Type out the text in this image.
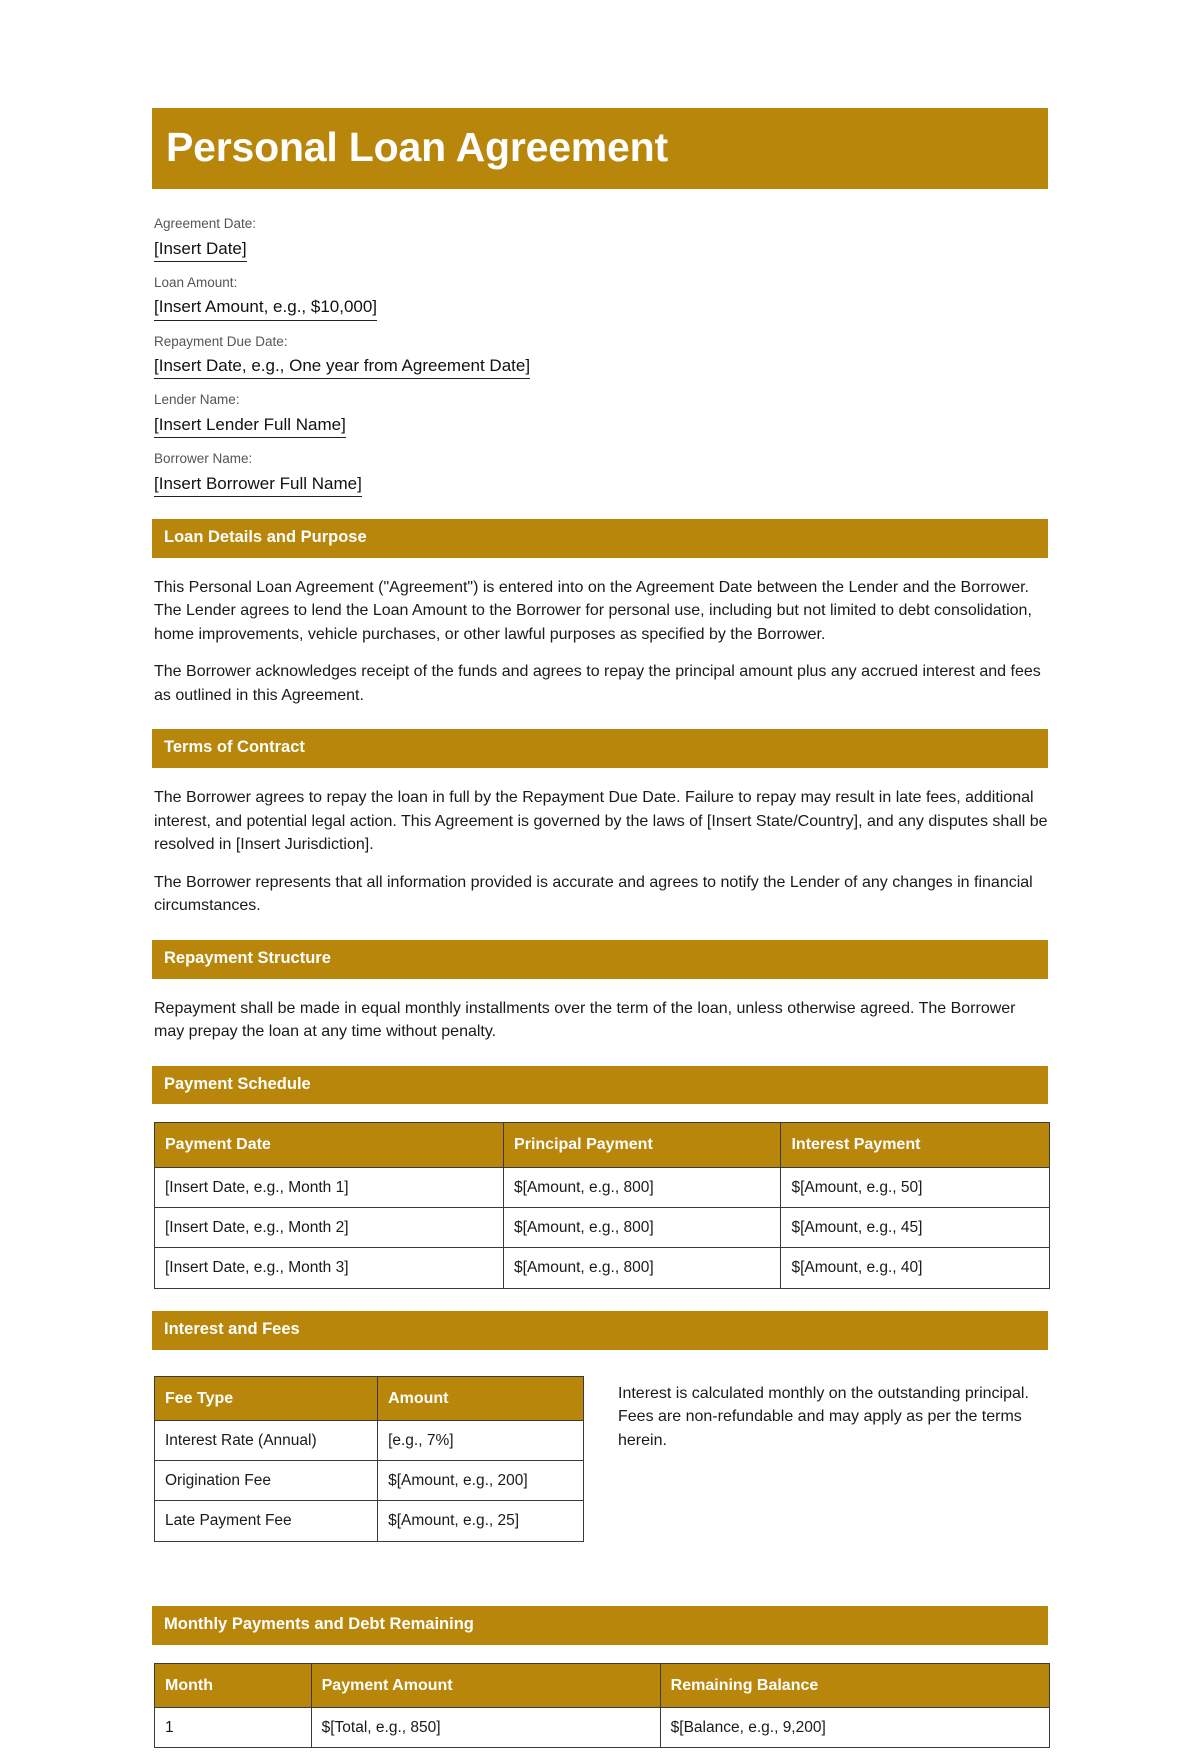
Personal Loan Agreement
Agreement Date:
[Insert Date]
Loan Amount:
[Insert Amount, e.g., $10,000]
Repayment Due Date:
[Insert Date, e.g., One year from Agreement Date]
Lender Name:
[Insert Lender Full Name]
Borrower Name:
[Insert Borrower Full Name]
Loan Details and Purpose

This Personal Loan Agreement ("Agreement") is entered into on the Agreement Date between the Lender and the Borrower. The Lender agrees to lend the Loan Amount to the Borrower for personal use, including but not limited to debt consolidation, home improvements, vehicle purchases, or other lawful purposes as specified by the Borrower.

The Borrower acknowledges receipt of the funds and agrees to repay the principal amount plus any accrued interest and fees as outlined in this Agreement.

Terms of Contract

The Borrower agrees to repay the loan in full by the Repayment Due Date. Failure to repay may result in late fees, additional interest, and potential legal action. This Agreement is governed by the laws of [Insert State/Country], and any disputes shall be resolved in [Insert Jurisdiction].

The Borrower represents that all information provided is accurate and agrees to notify the Lender of any changes in financial circumstances.

Repayment Structure

Repayment shall be made in equal monthly installments over the term of the loan, unless otherwise agreed. The Borrower may prepay the loan at any time without penalty.

Payment Schedule
Payment Date	Principal Payment	Interest Payment
[Insert Date, e.g., Month 1]	$[Amount, e.g., 800]	$[Amount, e.g., 50]
[Insert Date, e.g., Month 2]	$[Amount, e.g., 800]	$[Amount, e.g., 45]
[Insert Date, e.g., Month 3]	$[Amount, e.g., 800]	$[Amount, e.g., 40]
Interest and Fees
Fee Type	Amount
Interest Rate (Annual)	[e.g., 7%]
Origination Fee	$[Amount, e.g., 200]
Late Payment Fee	$[Amount, e.g., 25]

Interest is calculated monthly on the outstanding principal. Fees are non-refundable and may apply as per the terms herein.

Monthly Payments and Debt Remaining
Month	Payment Amount	Remaining Balance
1	$[Total, e.g., 850]	$[Balance, e.g., 9,200]
